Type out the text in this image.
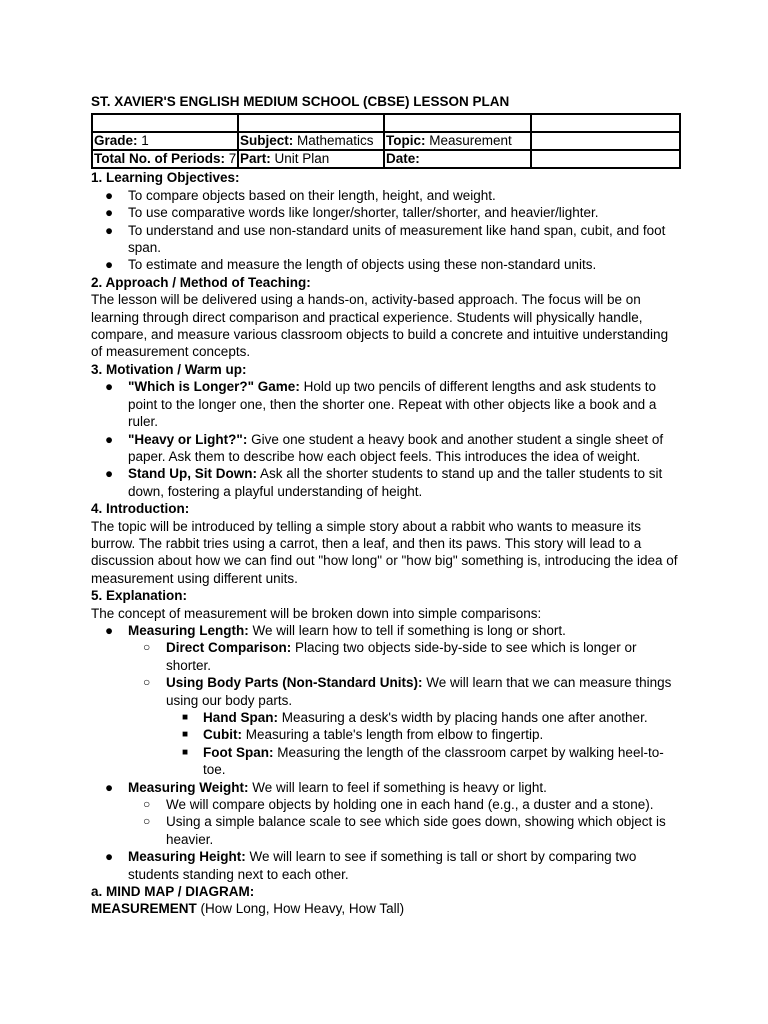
ST. XAVIER'S ENGLISH MEDIUM SCHOOL (CBSE) LESSON PLAN

Grade: 1	Subject: Mathematics	Topic: Measurement	
Total No. of Periods: 7	Part: Unit Plan	Date:	
1. Learning Objectives:
● To compare objects based on their length, height, and weight.
● To use comparative words like longer/shorter, taller/shorter, and heavier/lighter.
● To understand and use non-standard units of measurement like hand span, cubit, and foot span.
● To estimate and measure the length of objects using these non-standard units.
2. Approach / Method of Teaching:

The lesson will be delivered using a hands-on, activity-based approach. The focus will be on learning through direct comparison and practical experience. Students will physically handle, compare, and measure various classroom objects to build a concrete and intuitive understanding of measurement concepts.

3. Motivation / Warm up:
● "Which is Longer?" Game: Hold up two pencils of different lengths and ask students to point to the longer one, then the shorter one. Repeat with other objects like a book and a ruler.
● "Heavy or Light?": Give one student a heavy book and another student a single sheet of paper. Ask them to describe how each object feels. This introduces the idea of weight.
● Stand Up, Sit Down: Ask all the shorter students to stand up and the taller students to sit down, fostering a playful understanding of height.
4. Introduction:

The topic will be introduced by telling a simple story about a rabbit who wants to measure its burrow. The rabbit tries using a carrot, then a leaf, and then its paws. This story will lead to a discussion about how we can find out "how long" or "how big" something is, introducing the idea of measurement using different units.

5. Explanation:

The concept of measurement will be broken down into simple comparisons:

● Measuring Length: We will learn how to tell if something is long or short.
○ Direct Comparison: Placing two objects side-by-side to see which is longer or shorter.
○ Using Body Parts (Non-Standard Units): We will learn that we can measure things using our body parts.
■ Hand Span: Measuring a desk's width by placing hands one after another.
■ Cubit: Measuring a table's length from elbow to fingertip.
■ Foot Span: Measuring the length of the classroom carpet by walking heel-to-toe.
● Measuring Weight: We will learn to feel if something is heavy or light.
○ We will compare objects by holding one in each hand (e.g., a duster and a stone).
○ Using a simple balance scale to see which side goes down, showing which object is heavier.
● Measuring Height: We will learn to see if something is tall or short by comparing two students standing next to each other.
a. MIND MAP / DIAGRAM:

MEASUREMENT (How Long, How Heavy, How Tall)
